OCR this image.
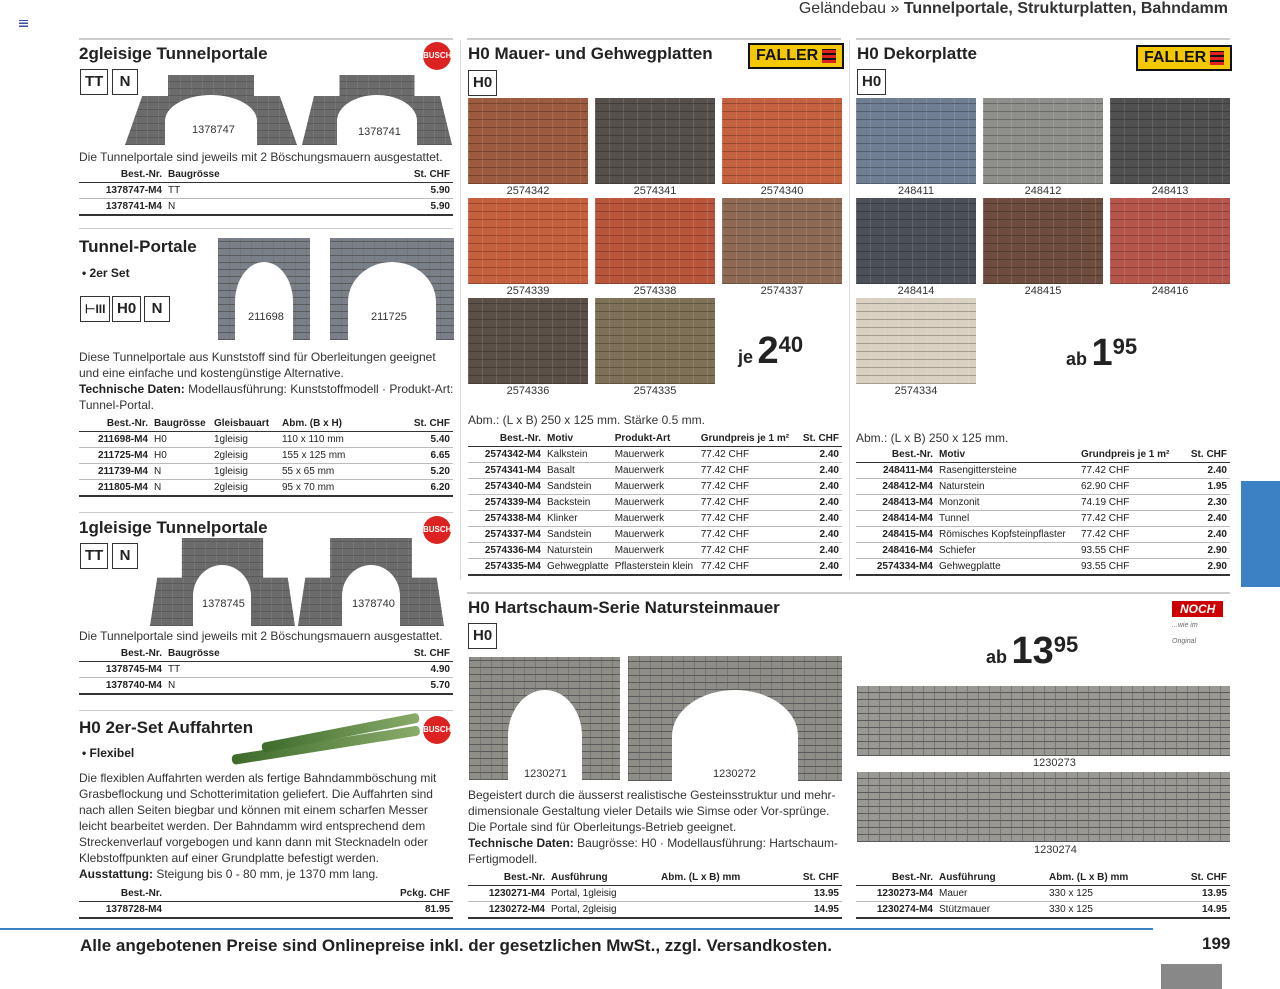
Geländebau » Tunnelportale, Strukturplatten, Bahndamm
2gleisige Tunnelportale	BUSCH
TT	N
1378747	1378741
Die Tunnelportale sind jeweils mit 2 Böschungsmauern ausgestattet.
Best.-Nr.	Baugrösse	St. CHF
1378747-M4	TT	5.90
1378741-M4	N	5.90
Tunnel-Portale
• 2er Set
⊢III H0	N	211698	211725
Diese Tunnelportale aus Kunststoff sind für Oberleitungen geeignet und eine einfache und kostengünstige Alternative.
Technische Daten: Modellausführung: Kunststoffmodell · Produkt-Art: Tunnel-Portal.
Best.-Nr.	Baugrösse	Gleisbauart	Abm. (B x H)	St. CHF
211698-M4	H0	1gleisig	110 x 110 mm	5.40
211725-M4	H0	2gleisig	155 x 125 mm	6.65
211739-M4	N	1gleisig	55 x 65 mm	5.20
211805-M4	N	2gleisig	95 x 70 mm	6.20
1gleisige Tunnelportale	BUSCH
TT	N
1378745	1378740
Die Tunnelportale sind jeweils mit 2 Böschungsmauern ausgestattet.
Best.-Nr.	Baugrösse	St. CHF
1378745-M4	TT	4.90
1378740-M4	N	5.70
H0 2er-Set Auffahrten	BUSCH
• Flexibel
Die flexiblen Auffahrten werden als fertige Bahndammböschung mit Grasbeflockung und Schotterimitation geliefert. Die Auffahrten sind nach allen Seiten biegbar und können mit einem scharfen Messer leicht bearbeitet werden. Der Bahndamm wird entsprechend dem Streckenverlauf vorgebogen und kann dann mit Stecknadeln oder Klebstoffpunkten auf einer Grundplatte befestigt werden.
Ausstattung: Steigung bis 0 - 80 mm, je 1370 mm lang.
Best.-Nr.	Pckg. CHF
1378728-M4	81.95
H0 Mauer- und Gehwegplatten	FALLER
H0
2574342	2574341	2574340
2574339	2574338	2574337
2574336	2574335
je 240
Abm.: (L x B) 250 x 125 mm. Stärke 0.5 mm.
Best.-Nr.	Motiv	Produkt-Art	Grundpreis je 1 m²	St. CHF
2574342-M4	Kalkstein	Mauerwerk	77.42 CHF	2.40
2574341-M4	Basalt	Mauerwerk	77.42 CHF	2.40
2574340-M4	Sandstein	Mauerwerk	77.42 CHF	2.40
2574339-M4	Backstein	Mauerwerk	77.42 CHF	2.40
2574338-M4	Klinker	Mauerwerk	77.42 CHF	2.40
2574337-M4	Sandstein	Mauerwerk	77.42 CHF	2.40
2574336-M4	Naturstein	Mauerwerk	77.42 CHF	2.40
2574335-M4	Gehwegplatte	Pflasterstein klein	77.42 CHF	2.40
H0 Dekorplatte	FALLER
H0
248411	248412	248413
248414	248415	248416
2574334
ab 195
Abm.: (L x B) 250 x 125 mm.
Best.-Nr.	Motiv	Grundpreis je 1 m²	St. CHF
248411-M4	Rasengittersteine	77.42 CHF	2.40
248412-M4	Naturstein	62.90 CHF	1.95
248413-M4	Monzonit	74.19 CHF	2.30
248414-M4	Tunnel	77.42 CHF	2.40
248415-M4	Römisches Kopfsteinpflaster	77.42 CHF	2.40
248416-M4	Schiefer	93.55 CHF	2.90
2574334-M4	Gehwegplatte	93.55 CHF	2.90
H0 Hartschaum-Serie Natursteinmauer	NOCH
...wie im Original
H0
ab 1395
1230271	1230272
1230273
1230274
Begeistert durch die äusserst realistische Gesteinsstruktur und mehr-dimensionale Gestaltung vieler Details wie Simse oder Vor-sprünge. Die Portale sind für Oberleitungs-Betrieb geeignet.
Technische Daten: Baugrösse: H0 · Modellausführung: Hartschaum-Fertigmodell.
Best.-Nr.	Ausführung	Abm. (L x B) mm	St. CHF
1230271-M4	Portal, 1gleisig		13.95
1230272-M4	Portal, 2gleisig		14.95
Best.-Nr.	Ausführung	Abm. (L x B) mm	St. CHF
1230273-M4	Mauer	330 x 125	13.95
1230274-M4	Stützmauer	330 x 125	14.95
Alle angebotenen Preise sind Onlinepreise inkl. der gesetzlichen MwSt., zzgl. Versandkosten.	199
